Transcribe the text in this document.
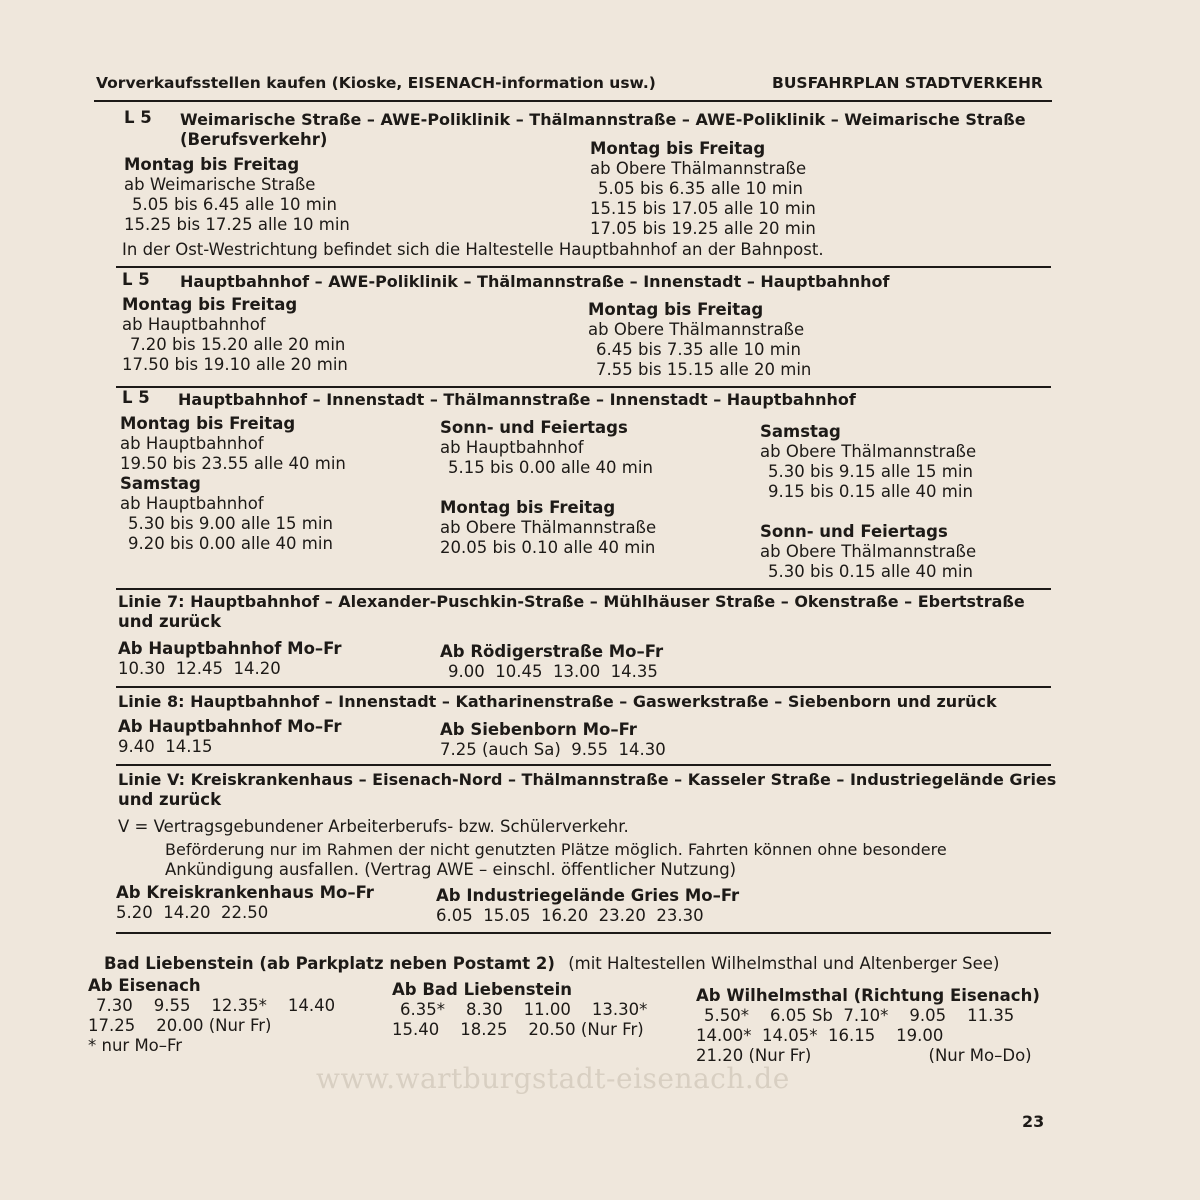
Vorverkaufsstellen kaufen (Kioske, EISENACH-information usw.)	BUSFAHRPLAN STADTVERKEHR
L 5 Weimarische Straße – AWE-Poliklinik – Thälmannstraße – AWE-Poliklinik – Weimarische Straße
(Berufsverkehr)
Montag bis Freitag
ab Weimarische Straße
5.05 bis 6.45 alle 10 min
15.25 bis 17.25 alle 10 min
Montag bis Freitag
ab Obere Thälmannstraße
5.05 bis 6.35 alle 10 min
15.15 bis 17.05 alle 10 min
17.05 bis 19.25 alle 20 min
In der Ost-Westrichtung befindet sich die Haltestelle Hauptbahnhof an der Bahnpost.
L 5 Hauptbahnhof – AWE-Poliklinik – Thälmannstraße – Innenstadt – Hauptbahnhof
Montag bis Freitag
ab Hauptbahnhof
7.20 bis 15.20 alle 20 min
17.50 bis 19.10 alle 20 min
Montag bis Freitag
ab Obere Thälmannstraße
6.45 bis 7.35 alle 10 min
7.55 bis 15.15 alle 20 min
L 5 Hauptbahnhof – Innenstadt – Thälmannstraße – Innenstadt – Hauptbahnhof
Montag bis Freitag
ab Hauptbahnhof
19.50 bis 23.55 alle 40 min
Samstag
ab Hauptbahnhof
5.30 bis 9.00 alle 15 min
9.20 bis 0.00 alle 40 min
Sonn- und Feiertags
ab Hauptbahnhof
5.15 bis 0.00 alle 40 min
Montag bis Freitag
ab Obere Thälmannstraße
20.05 bis 0.10 alle 40 min
Samstag
ab Obere Thälmannstraße
5.30 bis 9.15 alle 15 min
9.15 bis 0.15 alle 40 min
Sonn- und Feiertags
ab Obere Thälmannstraße
5.30 bis 0.15 alle 40 min
Linie 7: Hauptbahnhof – Alexander-Puschkin-Straße – Mühlhäuser Straße – Okenstraße – Ebertstraße
und zurück
Ab Hauptbahnhof Mo–Fr
10.30  12.45  14.20
Ab Rödigerstraße Mo–Fr
9.00  10.45  13.00  14.35
Linie 8: Hauptbahnhof – Innenstadt – Katharinenstraße – Gaswerkstraße – Siebenborn und zurück
Ab Hauptbahnhof Mo–Fr
9.40  14.15
Ab Siebenborn Mo–Fr
7.25 (auch Sa)  9.55  14.30
Linie V: Kreiskrankenhaus – Eisenach-Nord – Thälmannstraße – Kasseler Straße – Industriegelände Gries
und zurück
V = Vertragsgebundener Arbeiterberufs- bzw. Schülerverkehr.
Beförderung nur im Rahmen der nicht genutzten Plätze möglich. Fahrten können ohne besondere
Ankündigung ausfallen. (Vertrag AWE – einschl. öffentlicher Nutzung)
Ab Kreiskrankenhaus Mo–Fr
5.20  14.20  22.50
Ab Industriegelände Gries Mo–Fr
6.05  15.05  16.20  23.20  23.30
Bad Liebenstein (ab Parkplatz neben Postamt 2) (mit Haltestellen Wilhelmsthal und Altenberger See)
Ab Eisenach
7.30    9.55    12.35*    14.40
17.25    20.00 (Nur Fr)
* nur Mo–Fr
Ab Bad Liebenstein
6.35*    8.30    11.00    13.30*
15.40    18.25    20.50 (Nur Fr)
Ab Wilhelmsthal (Richtung Eisenach)
5.50*    6.05 Sb  7.10*    9.05    11.35
14.00*  14.05*  16.15    19.00
21.20 (Nur Fr)	(Nur Mo–Do)
www.wartburgstadt-eisenach.de
23
